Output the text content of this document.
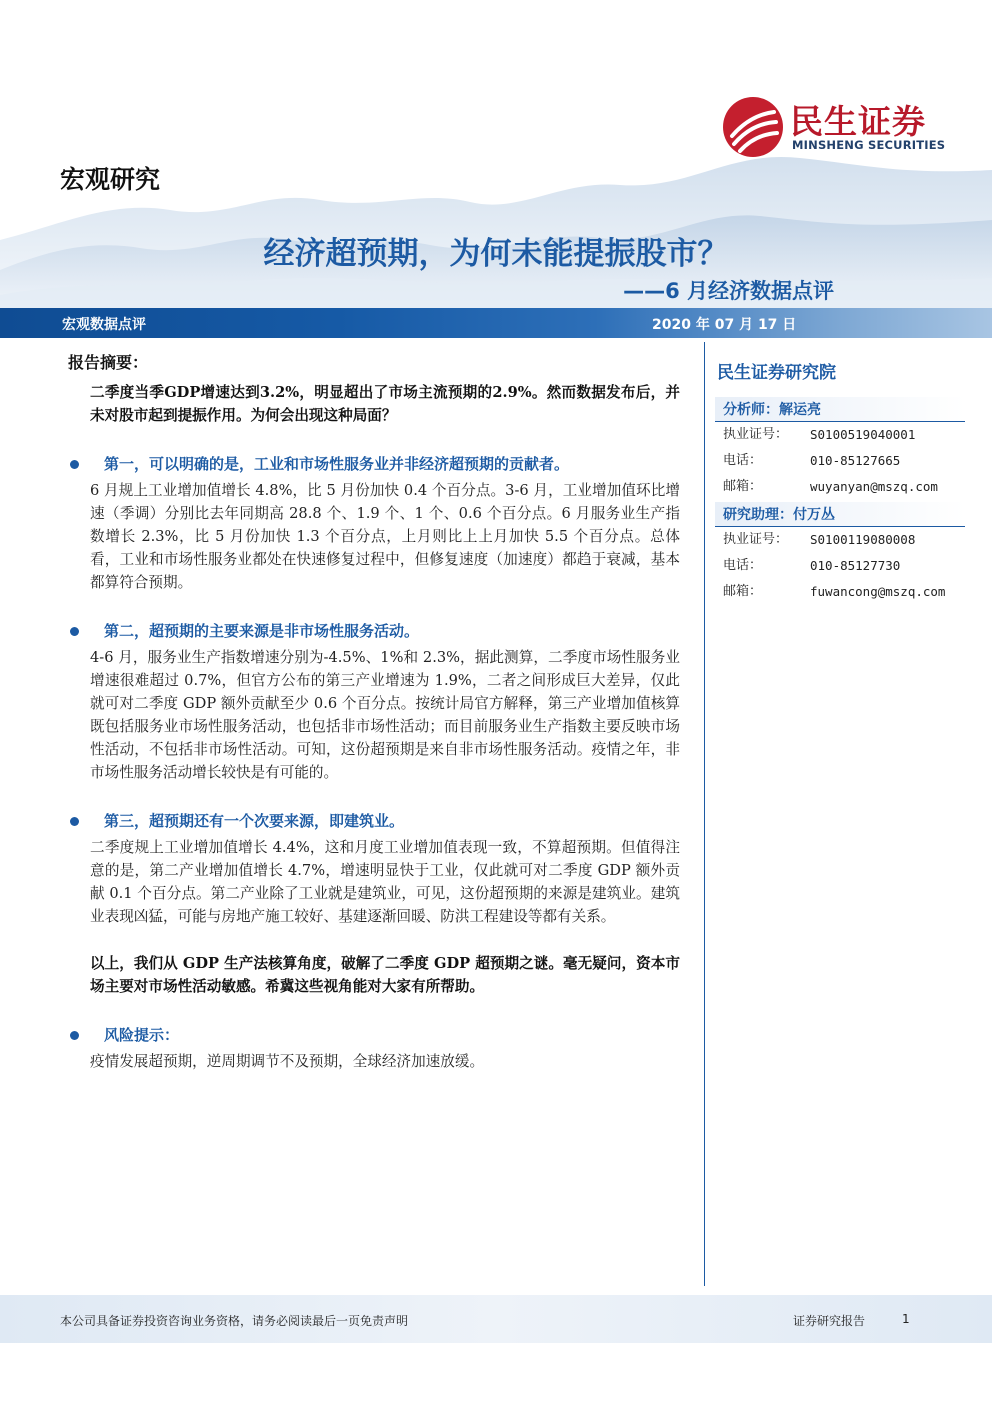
民生证券
MINSHENG SECURITIES
宏观研究
经济超预期，为何未能提振股市？
——6 月经济数据点评
宏观数据点评	2020 年 07 月 17 日
报告摘要：
二季度当季GDP增速达到3.2%，明显超出了市场主流预期的2.9%。然而数据发布后，并未对股市起到提振作用。为何会出现这种局面？
第一，可以明确的是，工业和市场性服务业并非经济超预期的贡献者。
6 月规上工业增加值增长 4.8%，比 5 月份加快 0.4 个百分点。3-6 月，工业增加值环比增速（季调）分别比去年同期高 28.8 个、1.9 个、1 个、0.6 个百分点。6 月服务业生产指数增长 2.3%，比 5 月份加快 1.3 个百分点，上月则比上上月加快 5.5 个百分点。总体看，工业和市场性服务业都处在快速修复过程中，但修复速度（加速度）都趋于衰减，基本都算符合预期。
第二，超预期的主要来源是非市场性服务活动。
4-6 月，服务业生产指数增速分别为-4.5%、1%和 2.3%，据此测算，二季度市场性服务业增速很难超过 0.7%，但官方公布的第三产业增速为 1.9%，二者之间形成巨大差异，仅此就可对二季度 GDP 额外贡献至少 0.6 个百分点。按统计局官方解释，第三产业增加值核算既包括服务业市场性服务活动，也包括非市场性活动；而目前服务业生产指数主要反映市场性活动，不包括非市场性活动。可知，这份超预期是来自非市场性服务活动。疫情之年，非市场性服务活动增长较快是有可能的。
第三，超预期还有一个次要来源，即建筑业。
二季度规上工业增加值增长 4.4%，这和月度工业增加值表现一致，不算超预期。但值得注意的是，第二产业增加值增长 4.7%，增速明显快于工业，仅此就可对二季度 GDP 额外贡献 0.1 个百分点。第二产业除了工业就是建筑业，可见，这份超预期的来源是建筑业。建筑业表现凶猛，可能与房地产施工较好、基建逐渐回暖、防洪工程建设等都有关系。
以上，我们从 GDP 生产法核算角度，破解了二季度 GDP 超预期之谜。毫无疑问，资本市场主要对市场性活动敏感。希冀这些视角能对大家有所帮助。
风险提示：
疫情发展超预期，逆周期调节不及预期，全球经济加速放缓。
民生证券研究院
分析师：解运亮
执业证号：	S0100519040001
电话：	010-85127665
邮箱：	wuyanyan@mszq.com
研究助理：付万丛
执业证号：	S0100119080008
电话：	010-85127730
邮箱：	fuwancong@mszq.com
本公司具备证券投资咨询业务资格，请务必阅读最后一页免责声明	证券研究报告	1
